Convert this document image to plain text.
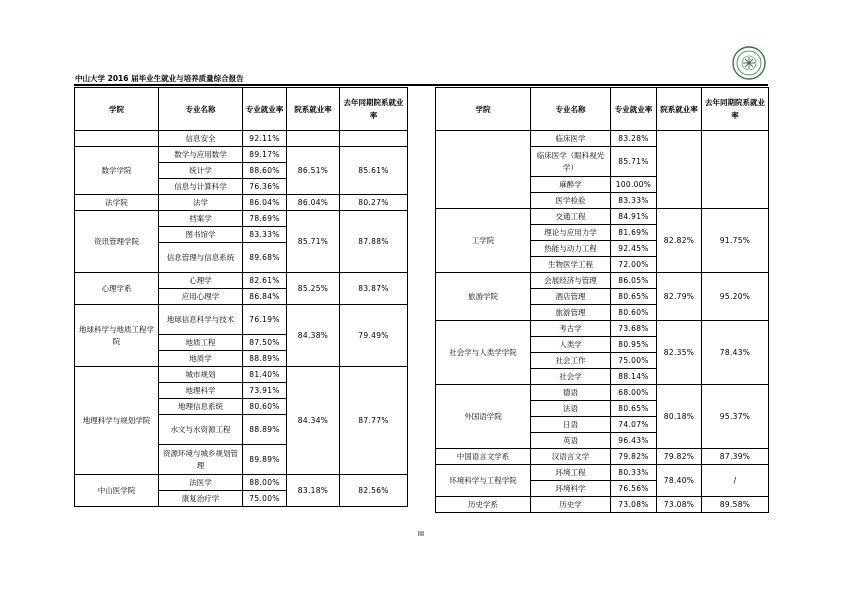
中山大学 2016 届毕业生就业与培养质量综合报告
学院	专业名称	专业就业率	院系就业率	去年同期院系就业率
	信息安全	92.11%		
数学学院	数学与应用数学	89.17%	86.51%	85.61%
	统计学	88.60%		
	信息与计算科学	76.36%		
法学院	法学	86.04%	86.04%	80.27%
资讯管理学院	档案学	78.69%	85.71%	87.88%
	图书馆学	83.33%		
	信息管理与信息系统	89.68%		
心理学系	心理学	82.61%	85.25%	83.87%
	应用心理学	86.84%		
地球科学与地质工程学院	地球信息科学与技术	76.19%	84.38%	79.49%
	地质工程	87.50%		
	地质学	88.89%		
地理科学与规划学院	城市规划	81.40%	84.34%	87.77%
	地理科学	73.91%		
	地理信息系统	80.60%		
	水文与水资源工程	88.89%		
	资源环境与城乡规划管理	89.89%		
中山医学院	法医学	88.00%	83.18%	82.56%
	康复治疗学	75.00%		
学院	专业名称	专业就业率	院系就业率	去年同期院系就业率
	临床医学	83.28%		
	临床医学（眼科视光学）	85.71%		
	麻醉学	100.00%		
	医学检验	83.33%		
工学院	交通工程	84.91%	82.82%	91.75%
	理论与应用力学	81.69%		
	热能与动力工程	92.45%		
	生物医学工程	72.00%		
旅游学院	会展经济与管理	86.05%	82.79%	95.20%
	酒店管理	80.65%		
	旅游管理	80.60%		
社会学与人类学学院	考古学	73.68%	82.35%	78.43%
	人类学	80.95%		
	社会工作	75.00%		
	社会学	88.14%		
外国语学院	德语	68.00%	80.18%	95.37%
	法语	80.65%		
	日语	74.07%		
	英语	96.43%		
中国语言文学系	汉语言文学	79.82%	79.82%	87.39%
环境科学与工程学院	环境工程	80.33%	78.40%	/
	环境科学	76.56%		
历史学系	历史学	73.08%	73.08%	89.58%
III
